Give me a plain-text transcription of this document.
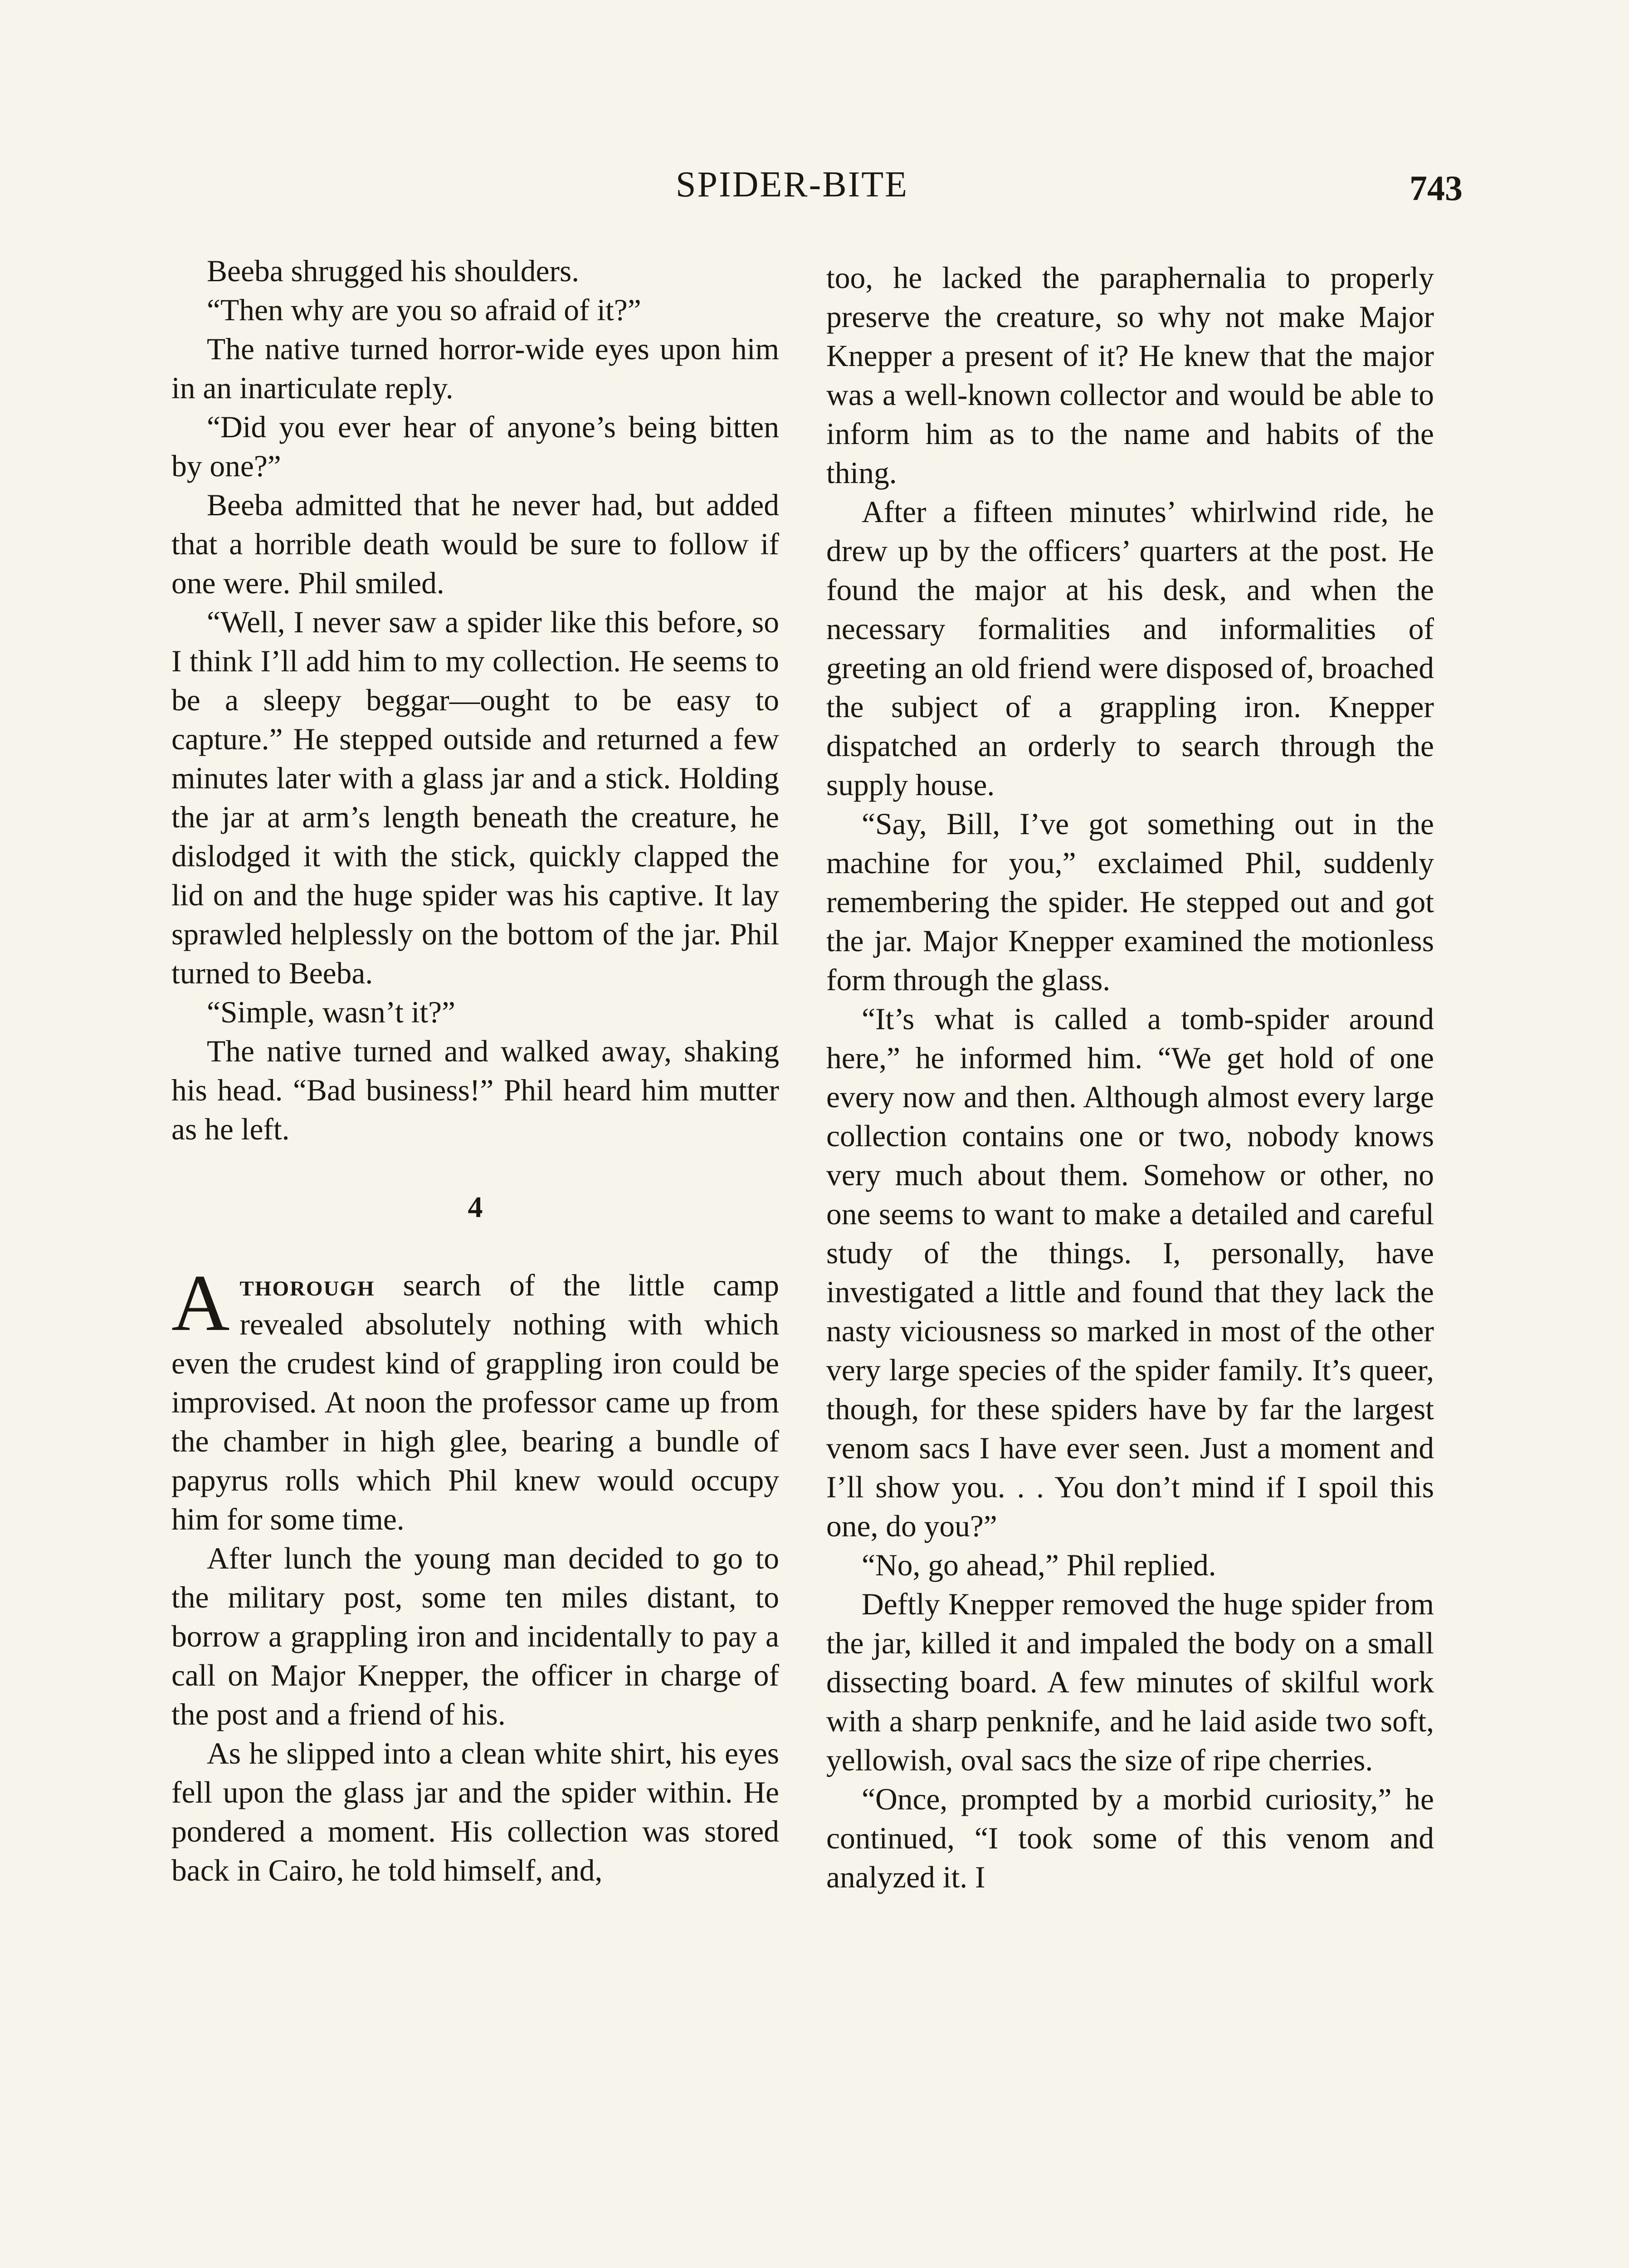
SPIDER-BITE	743

Beeba shrugged his shoulders.

“Then why are you so afraid of it?”

The native turned horror-wide eyes upon him in an inarticulate reply.

“Did you ever hear of anyone’s being bitten by one?”

Beeba admitted that he never had, but added that a horrible death would be sure to follow if one were. Phil smiled.

“Well, I never saw a spider like this before, so I think I’ll add him to my collection. He seems to be a sleepy beggar—ought to be easy to capture.” He stepped outside and returned a few minutes later with a glass jar and a stick. Holding the jar at arm’s length beneath the creature, he dislodged it with the stick, quickly clapped the lid on and the huge spider was his captive. It lay sprawled helplessly on the bottom of the jar. Phil turned to Beeba.

“Simple, wasn’t it?”

The native turned and walked away, shaking his head. “Bad business!” Phil heard him mutter as he left.

4

Athorough search of the little camp revealed absolutely nothing with which even the crudest kind of grappling iron could be improvised. At noon the professor came up from the chamber in high glee, bearing a bundle of papyrus rolls which Phil knew would occupy him for some time.

After lunch the young man decided to go to the military post, some ten miles distant, to borrow a grappling iron and incidentally to pay a call on Major Knepper, the officer in charge of the post and a friend of his.

As he slipped into a clean white shirt, his eyes fell upon the glass jar and the spider within. He pondered a moment. His collection was stored back in Cairo, he told himself, and,

too, he lacked the paraphernalia to properly preserve the creature, so why not make Major Knepper a present of it? He knew that the major was a well-known collector and would be able to inform him as to the name and habits of the thing.

After a fifteen minutes’ whirlwind ride, he drew up by the officers’ quarters at the post. He found the major at his desk, and when the necessary formalities and informalities of greeting an old friend were disposed of, broached the subject of a grappling iron. Knepper dispatched an orderly to search through the supply house.

“Say, Bill, I’ve got something out in the machine for you,” exclaimed Phil, suddenly remembering the spider. He stepped out and got the jar. Major Knepper examined the motionless form through the glass.

“It’s what is called a tomb-spider around here,” he informed him. “We get hold of one every now and then. Although almost every large collection contains one or two, nobody knows very much about them. Somehow or other, no one seems to want to make a detailed and careful study of the things. I, personally, have investigated a little and found that they lack the nasty viciousness so marked in most of the other very large species of the spider family. It’s queer, though, for these spiders have by far the largest venom sacs I have ever seen. Just a moment and I’ll show you. . . You don’t mind if I spoil this one, do you?”

“No, go ahead,” Phil replied.

Deftly Knepper removed the huge spider from the jar, killed it and impaled the body on a small dissecting board. A few minutes of skilful work with a sharp penknife, and he laid aside two soft, yellowish, oval sacs the size of ripe cherries.

“Once, prompted by a morbid curiosity,” he continued, “I took some of this venom and analyzed it. I
